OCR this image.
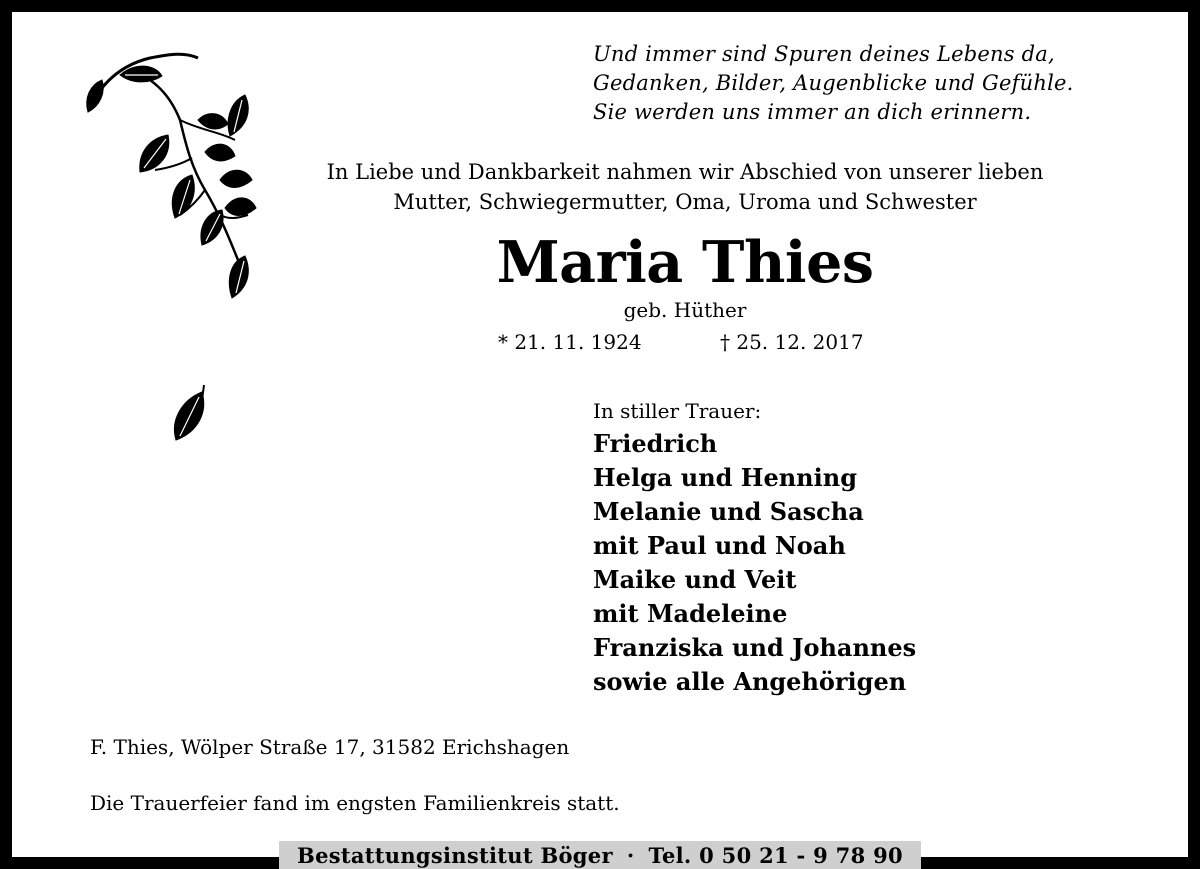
Und immer sind Spuren deines Lebens da,
Gedanken, Bilder, Augenblicke und Gefühle.
Sie werden uns immer an dich erinnern.
In Liebe und Dankbarkeit nahmen wir Abschied von unserer lieben
Mutter, Schwiegermutter, Oma, Uroma und Schwester
Maria Thies
geb. Hüther
* 21. 11. 1924	† 25. 12. 2017
In stiller Trauer:
Friedrich
Helga und Henning
Melanie und Sascha
mit Paul und Noah
Maike und Veit
mit Madeleine
Franziska und Johannes
sowie alle Angehörigen
F. Thies, Wölper Straße 17, 31582 Erichshagen
Die Trauerfeier fand im engsten Familienkreis statt.
Bestattungsinstitut Böger · Tel. 0 50 21 - 9 78 90
